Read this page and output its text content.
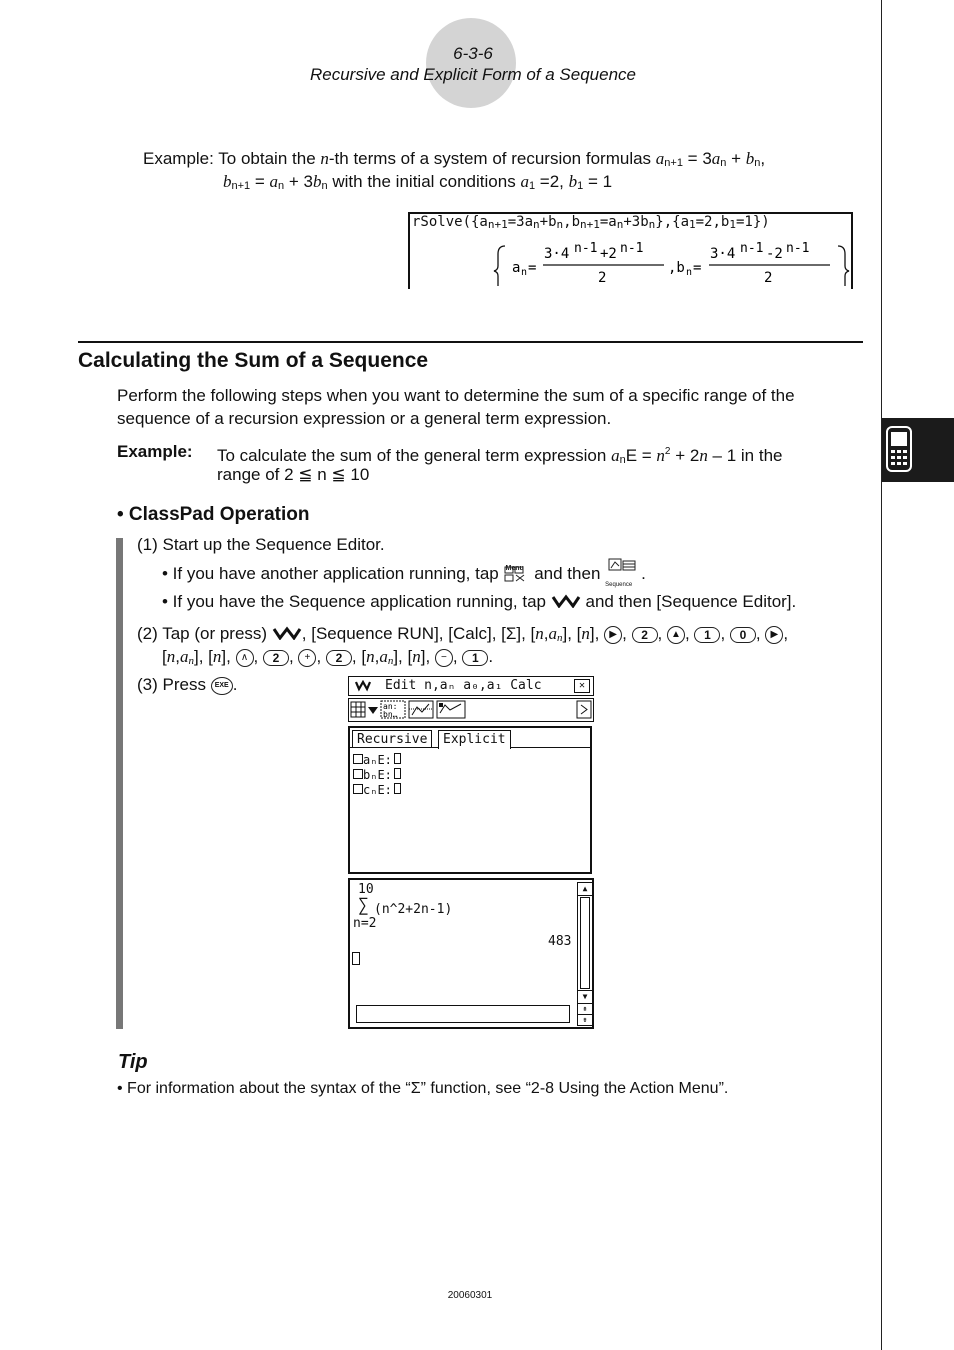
6-3-6
Recursive and Explicit Form of a Sequence
Example: To obtain the n-th terms of a system of recursion formulas an+1 = 3an + bn,
bn+1 = an + 3bn with the initial conditions a1 =2, b1 = 1
rSolve({an+1=3an+bn,bn+1=an+3bn},{a1=2,b1=1})
a n =
3·4 n-1 +2 n-1
2
,b n =
3·4 n-1 -2 n-1
2
Calculating the Sum of a Sequence
Perform the following steps when you want to determine the sum of a specific range of the sequence of a recursion expression or a general term expression.
Example: To calculate the sum of the general term expression anE = $n^2 + 2n - 1$ in the
range of 2 ≦ n ≦ 10
• ClassPad Operation
(1) Start up the Sequence Editor.
• If you have another application running, tap Menu and then
Sequence
.
• If you have the Sequence application running, tap and then [Sequence Editor].
(2) Tap (or press) , [Sequence RUN], [Calc], [Σ], [n,an], [n], ▶ , 2 , ▲ , 1 , 0 , ▶ ,
[n,an], [n], ∧ , 2 , + , 2 , [n,an], [n], − , 1 .
(3) Press EXE .	Edit n,aₙ a₀,a₁ Calc	✕
an:
bn…
Recursive	Explicit
aₙE:
bₙE:
cₙE:
10
∑ (n^2+2n-1)
n=2
483
▲
▼
⇞
⇟
Tip
• For information about the syntax of the “Σ” function, see “2-8 Using the Action Menu”.
20060301
